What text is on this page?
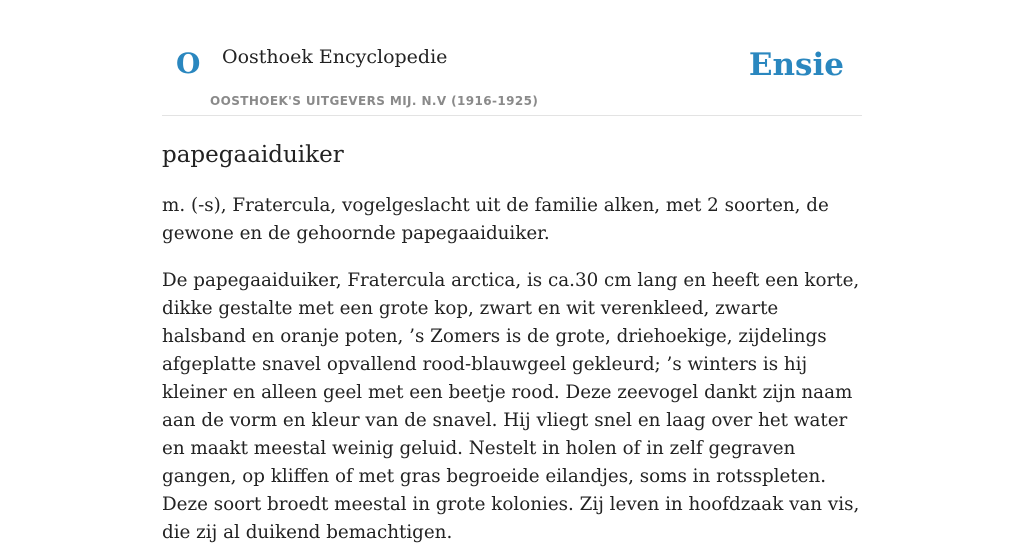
O Oosthoek Encyclopedie
OOSTHOEK'S UITGEVERS MIJ. N.V (1916-1925)
Ensie
papegaaiduiker

m. (-s), Fratercula, vogelgeslacht uit de familie alken, met 2 soorten, de gewone en de gehoornde papegaaiduiker.

De papegaaiduiker, Fratercula arctica, is ca.30 cm lang en heeft een korte, dikke gestalte met een grote kop, zwart en wit verenkleed, zwarte halsband en oranje poten, ’s Zomers is de grote, driehoekige, zijdelings afgeplatte snavel opvallend rood-blauwgeel gekleurd; ’s winters is hij kleiner en alleen geel met een beetje rood. Deze zeevogel dankt zijn naam aan de vorm en kleur van de snavel. Hij vliegt snel en laag over het water en maakt meestal weinig geluid. Nestelt in holen of in zelf gegraven gangen, op kliffen of met gras begroeide eilandjes, soms in rotsspleten. Deze soort broedt meestal in grote kolonies. Zij leven in hoofdzaak van vis, die zij al duikend bemachtigen.
